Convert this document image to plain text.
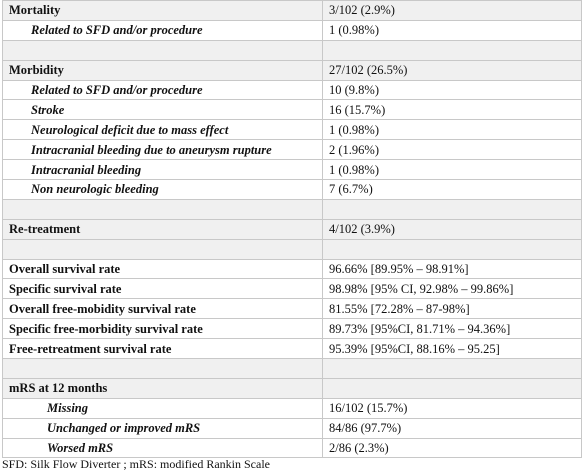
Mortality	3/102 (2.9%)
Related to SFD and/or procedure	1 (0.98%)

Morbidity	27/102 (26.5%)
Related to SFD and/or procedure	10 (9.8%)
Stroke	16 (15.7%)
Neurological deficit due to mass effect	1 (0.98%)
Intracranial bleeding due to aneurysm rupture	2 (1.96%)
Intracranial bleeding	1 (0.98%)
Non neurologic bleeding	7 (6.7%)

Re-treatment	4/102 (3.9%)

Overall survival rate	96.66% [89.95% – 98.91%]
Specific survival rate	98.98% [95% CI, 92.98% – 99.86%]
Overall free-mobidity survival rate	81.55% [72.28% – 87-98%]
Specific free-morbidity survival rate	89.73% [95%CI, 81.71% – 94.36%]
Free-retreatment survival rate	95.39% [95%CI, 88.16% – 95.25]

mRS at 12 months	
Missing	16/102 (15.7%)
Unchanged or improved mRS	84/86 (97.7%)
Worsed mRS	2/86 (2.3%)
SFD: Silk Flow Diverter ; mRS: modified Rankin Scale
